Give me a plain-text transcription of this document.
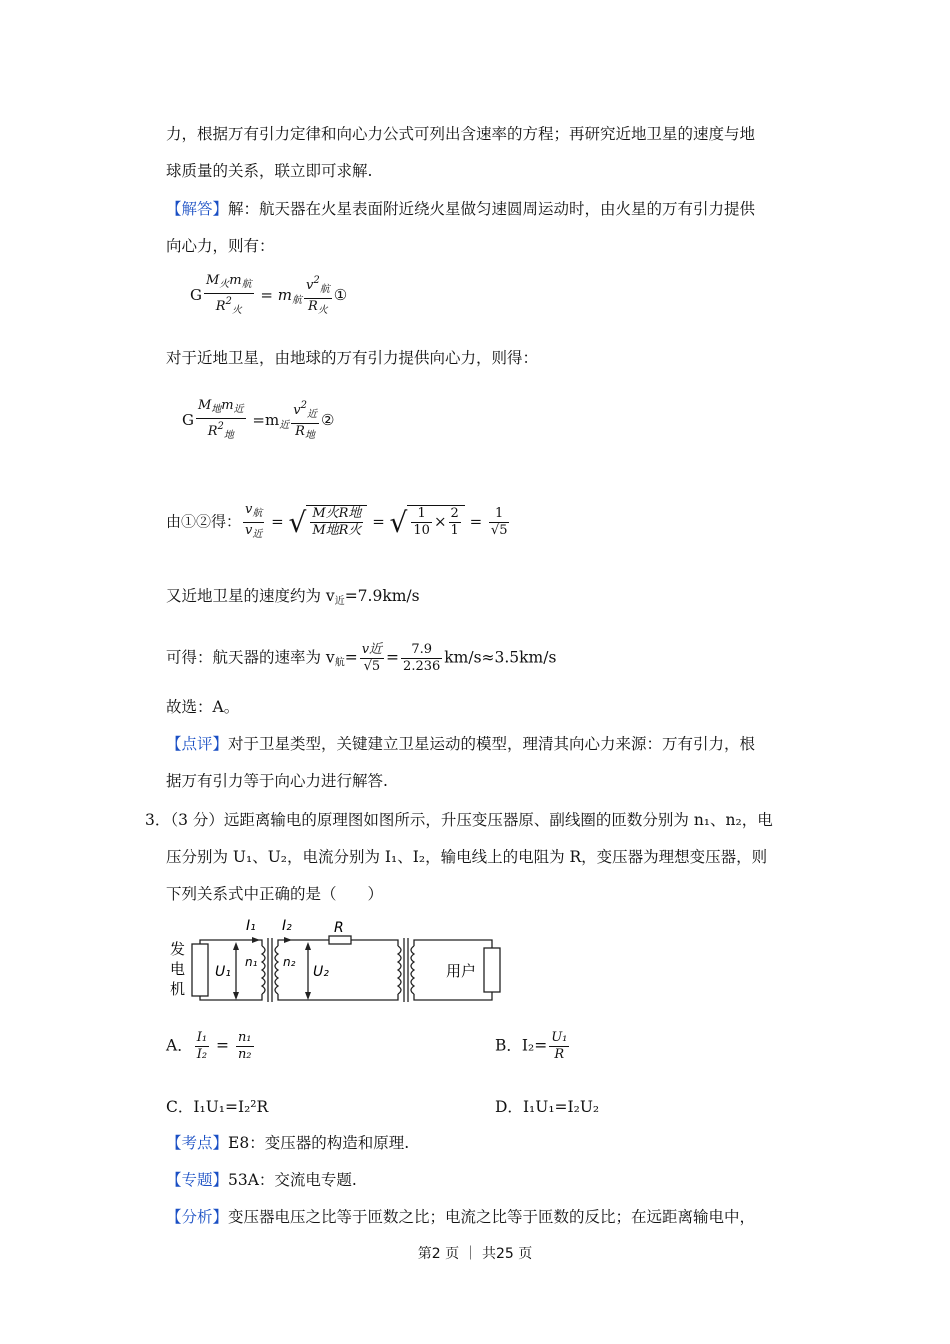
力，根据万有引力定律和向心力公式可列出含速率的方程；再研究近地卫星的速度与地
球质量的关系，联立即可求解.
【解答】解：航天器在火星表面附近绕火星做匀速圆周运动时，由火星的万有引力提供
向心力，则有：
G $\frac{M_火m_航}{R^2_火} = m_航 \frac{v^2_航}{R_火}$ ①
对于近地卫星，由地球的万有引力提供向心力，则得：
G $\frac{M_地m_近}{R^2_地} =m_近 \frac{v^2_近}{R_地}$ ②
由①②得： $\frac{v_航}{v_近}$ = √ $\frac{\text{M火R地}}{\text{M地R火}}$ = √ $\frac{1}{10} \times \frac{2}{1} = \frac{1}{√5}$
又近地卫星的速度约为 $v_近=7.9km/s$
可得：航天器的速率为 $v_航= \frac{\text{v近}}{√5} = \frac{7.9}{2.236} km/s\approx 3.5km/s$
故选：A。
【点评】对于卫星类型，关键建立卫星运动的模型，理清其向心力来源：万有引力，根
据万有引力等于向心力进行解答.
3．（3 分）远距离输电的原理图如图所示，升压变压器原、副线圈的匝数分别为 n₁、n₂，电
压分别为 U₁、U₂，电流分别为 I₁、I₂，输电线上的电阻为 R，变压器为理想变压器，则
下列关系式中正确的是（　　）
发
电
机
U₁
I₁
n₁
I₂
n₂
U₂
R
用户
A． $\frac{\text{I₁}}{\text{I₂}} = \frac{\text{n₁}}{\text{n₂}}$	B．$I_2= \frac{\text{U₁}}{R}$
C．I₁U₁=I₂²R	D．I₁U₁=I₂U₂
【考点】E8：变压器的构造和原理.
【专题】53A：交流电专题.
【分析】变压器电压之比等于匝数之比；电流之比等于匝数的反比；在远距离输电中，
第2 页 ｜ 共25 页
